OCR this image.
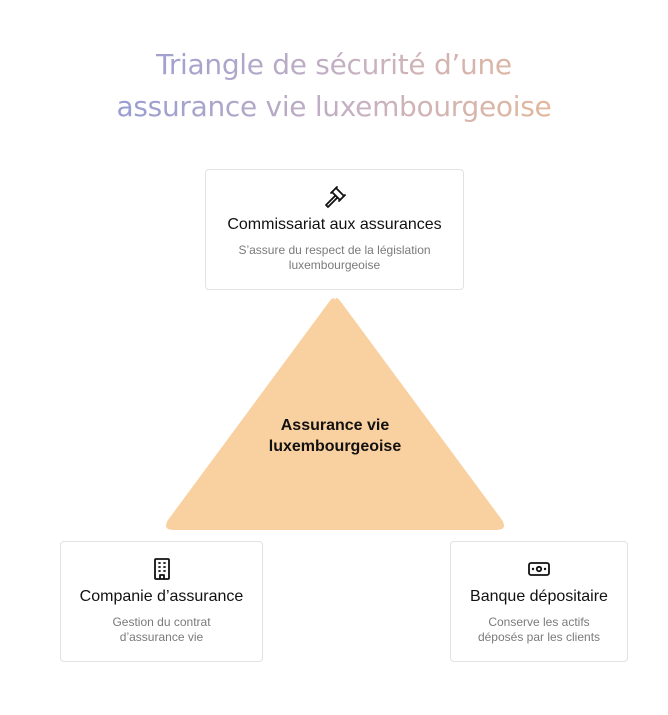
Triangle de sécurité d’une
assurance vie luxembourgeoise
Commissariat aux assurances
S’assure du respect de la législation
luxembourgeoise
Assurance vie
luxembourgeoise
Companie d’assurance
Gestion du contrat
d’assurance vie
Banque dépositaire
Conserve les actifs
déposés par les clients
